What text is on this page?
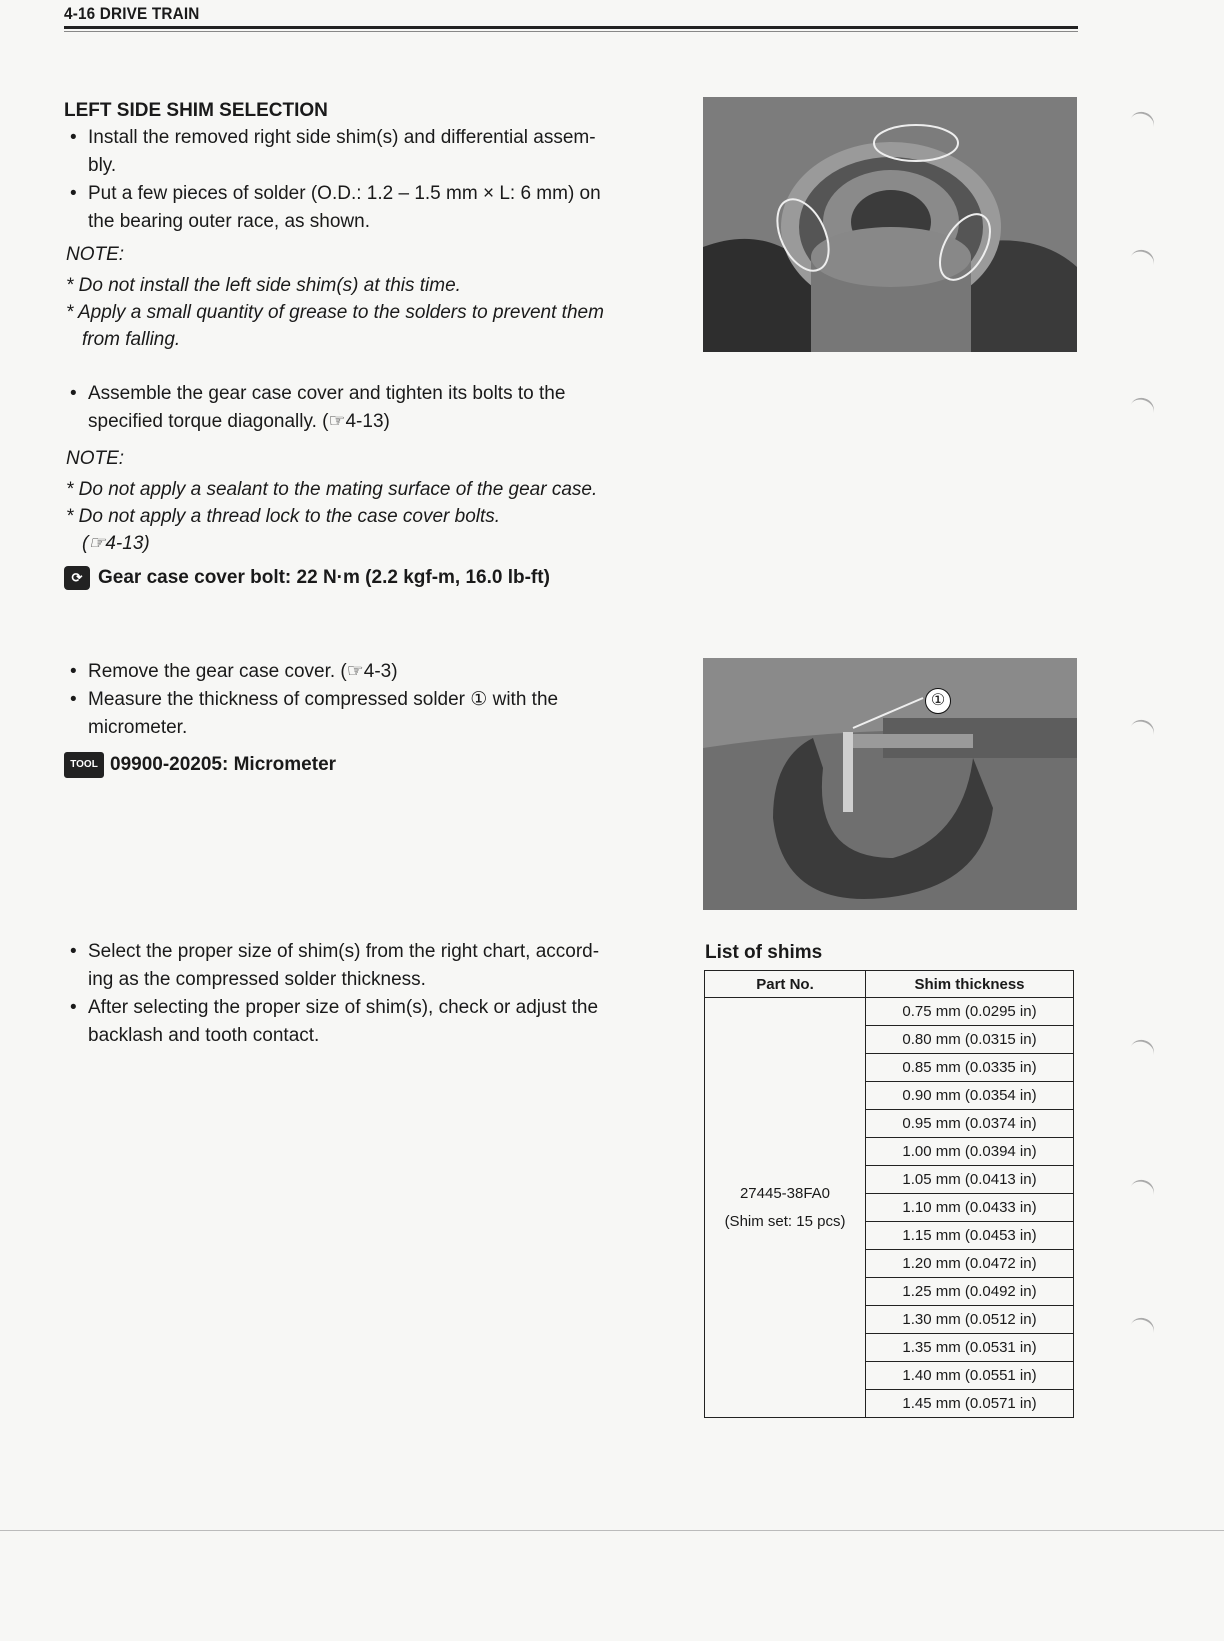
4-16 DRIVE TRAIN
LEFT SIDE SHIM SELECTION
• Install the removed right side shim(s) and differential assem-
bly.
• Put a few pieces of solder (O.D.: 1.2 – 1.5 mm × L: 6 mm) on
the bearing outer race, as shown.
NOTE:
* Do not install the left side shim(s) at this time.
* Apply a small quantity of grease to the solders to prevent them
from falling.
• Assemble the gear case cover and tighten its bolts to the
specified torque diagonally. (☞4-13)
NOTE:
* Do not apply a sealant to the mating surface of the gear case.
* Do not apply a thread lock to the case cover bolts.
(☞4-13)
⟳ Gear case cover bolt: 22 N·m (2.2 kgf-m, 16.0 lb-ft)
• Remove the gear case cover. (☞4-3)
• Measure the thickness of compressed solder ① with the
micrometer.
TOOL 09900-20205: Micrometer
①
• Select the proper size of shim(s) from the right chart, accord-
ing as the compressed solder thickness.
• After selecting the proper size of shim(s), check or adjust the
backlash and tooth contact.
List of shims
Part No.	Shim thickness

27445-38FA0
(Shim set: 15 pcs)	0.75 mm (0.0295 in)
	0.80 mm (0.0315 in)
	0.85 mm (0.0335 in)
	0.90 mm (0.0354 in)
	0.95 mm (0.0374 in)
	1.00 mm (0.0394 in)
	1.05 mm (0.0413 in)
	1.10 mm (0.0433 in)
	1.15 mm (0.0453 in)
	1.20 mm (0.0472 in)
	1.25 mm (0.0492 in)
	1.30 mm (0.0512 in)
	1.35 mm (0.0531 in)
	1.40 mm (0.0551 in)
	1.45 mm (0.0571 in)
